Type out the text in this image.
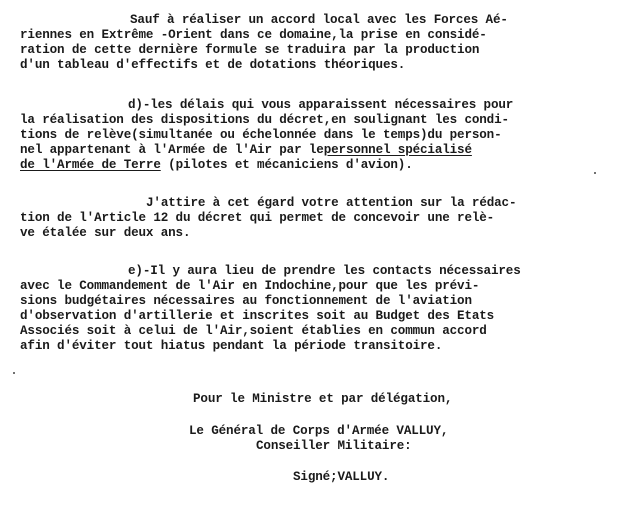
Sauf à réaliser un accord local avec les Forces Aé-
riennes en Extrême -Orient dans ce domaine,la prise en considé-
ration de cette dernière formule se traduira par la production
d'un tableau d'effectifs et de dotations théoriques.
d)-les délais qui vous apparaissent nécessaires pour
la réalisation des dispositions du décret,en soulignant les condi-
tions de relève(simultanée ou échelonnée dans le temps)du person-
nel appartenant à l'Armée de l'Air par lepersonnel spécialisé
de l'Armée de Terre (pilotes et mécaniciens d'avion).
J'attire à cet égard votre attention sur la rédac-
tion de l'Article 12 du décret qui permet de concevoir une relè-
ve étalée sur deux ans.
e)-Il y aura lieu de prendre les contacts nécessaires
avec le Commandement de l'Air en Indochine,pour que les prévi-
sions budgétaires nécessaires au fonctionnement de l'aviation
d'observation d'artillerie et inscrites soit au Budget des Etats
Associés soit à celui de l'Air,soient établies en commun accord
afin d'éviter tout hiatus pendant la période transitoire.
Pour le Ministre et par délégation,
Le Général de Corps d'Armée VALLUY,
Conseiller Militaire:
Signé;VALLUY.
